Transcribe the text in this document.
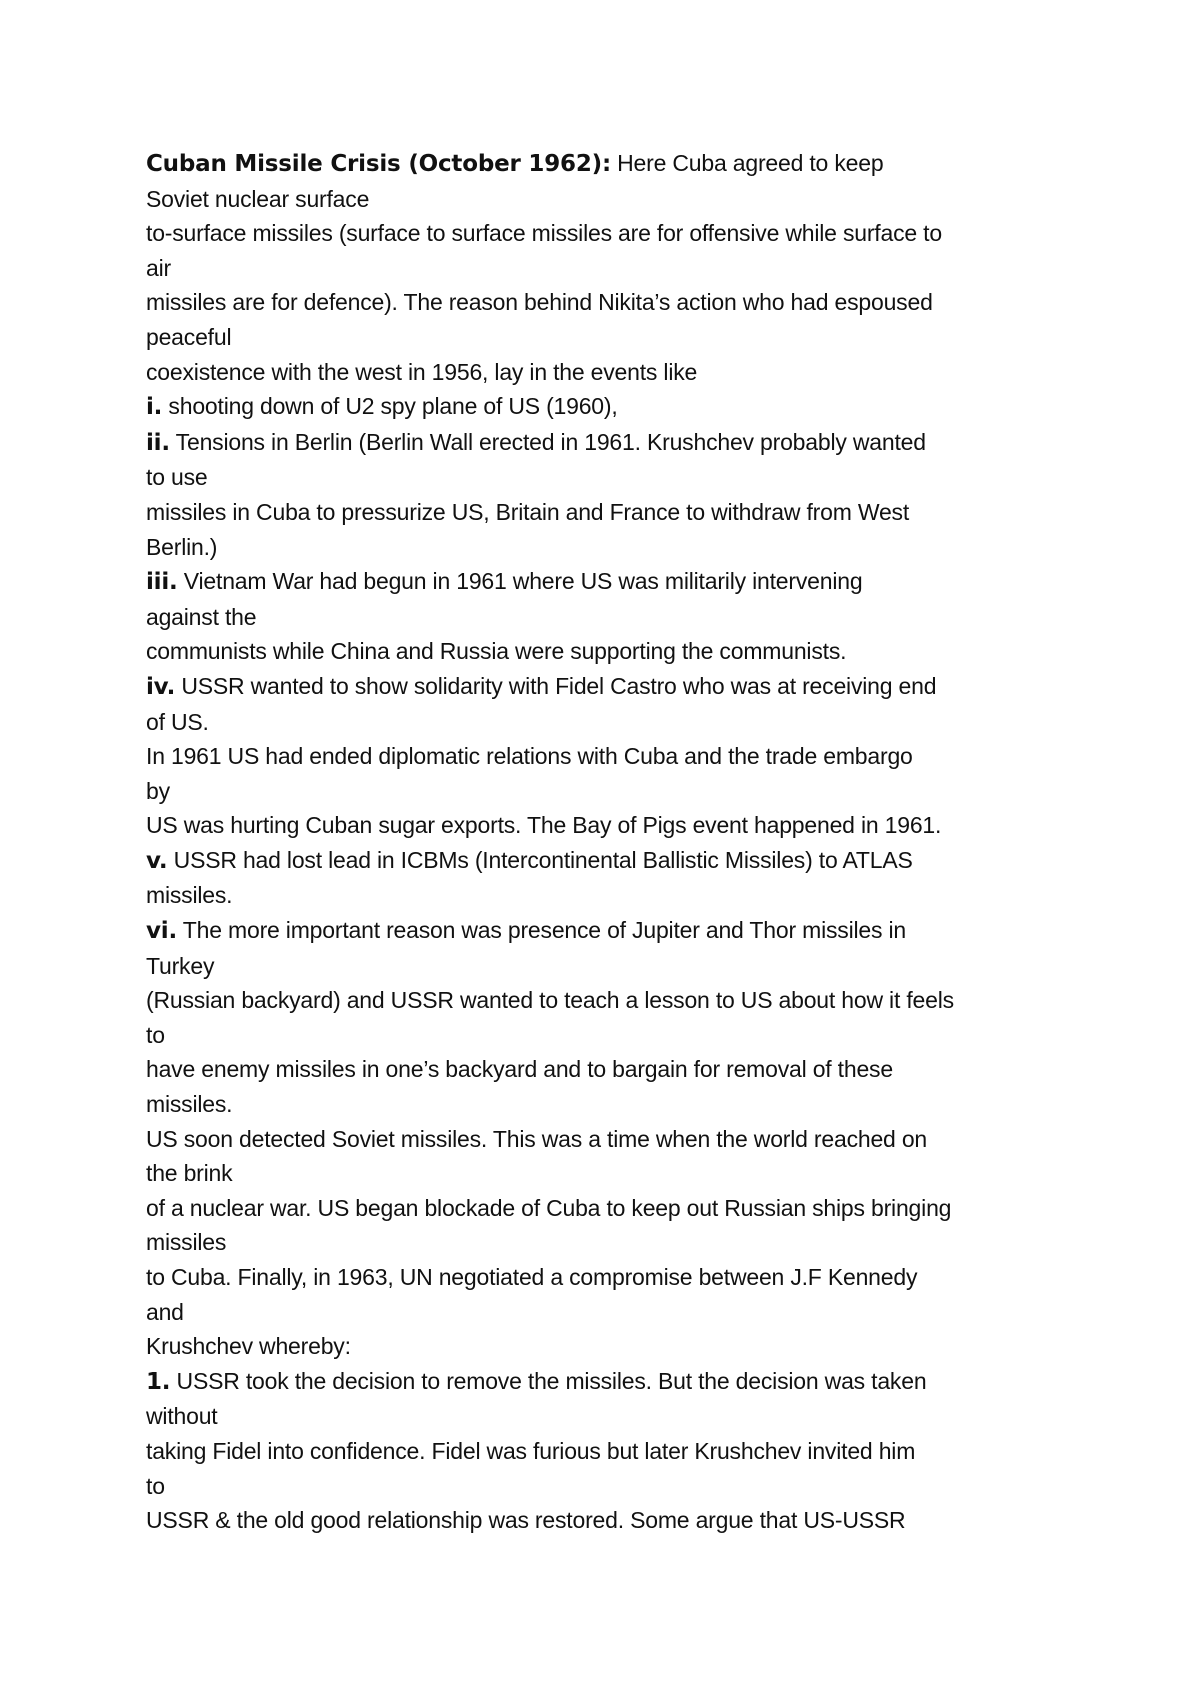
Cuban Missile Crisis (October 1962): Here Cuba agreed to keep
Soviet nuclear surface
to-surface missiles (surface to surface missiles are for offensive while surface to
air
missiles are for defence). The reason behind Nikita’s action who had espoused
peaceful
coexistence with the west in 1956, lay in the events like
i. shooting down of U2 spy plane of US (1960),
ii. Tensions in Berlin (Berlin Wall erected in 1961. Krushchev probably wanted
to use
missiles in Cuba to pressurize US, Britain and France to withdraw from West
Berlin.)
iii. Vietnam War had begun in 1961 where US was militarily intervening
against the
communists while China and Russia were supporting the communists.
iv. USSR wanted to show solidarity with Fidel Castro who was at receiving end
of US.
In 1961 US had ended diplomatic relations with Cuba and the trade embargo
by
US was hurting Cuban sugar exports. The Bay of Pigs event happened in 1961.
v. USSR had lost lead in ICBMs (Intercontinental Ballistic Missiles) to ATLAS
missiles.
vi. The more important reason was presence of Jupiter and Thor missiles in
Turkey
(Russian backyard) and USSR wanted to teach a lesson to US about how it feels
to
have enemy missiles in one’s backyard and to bargain for removal of these
missiles.
US soon detected Soviet missiles. This was a time when the world reached on
the brink
of a nuclear war. US began blockade of Cuba to keep out Russian ships bringing
missiles
to Cuba. Finally, in 1963, UN negotiated a compromise between J.F Kennedy
and
Krushchev whereby:
1. USSR took the decision to remove the missiles. But the decision was taken
without
taking Fidel into confidence. Fidel was furious but later Krushchev invited him
to
USSR & the old good relationship was restored. Some argue that US-USSR
